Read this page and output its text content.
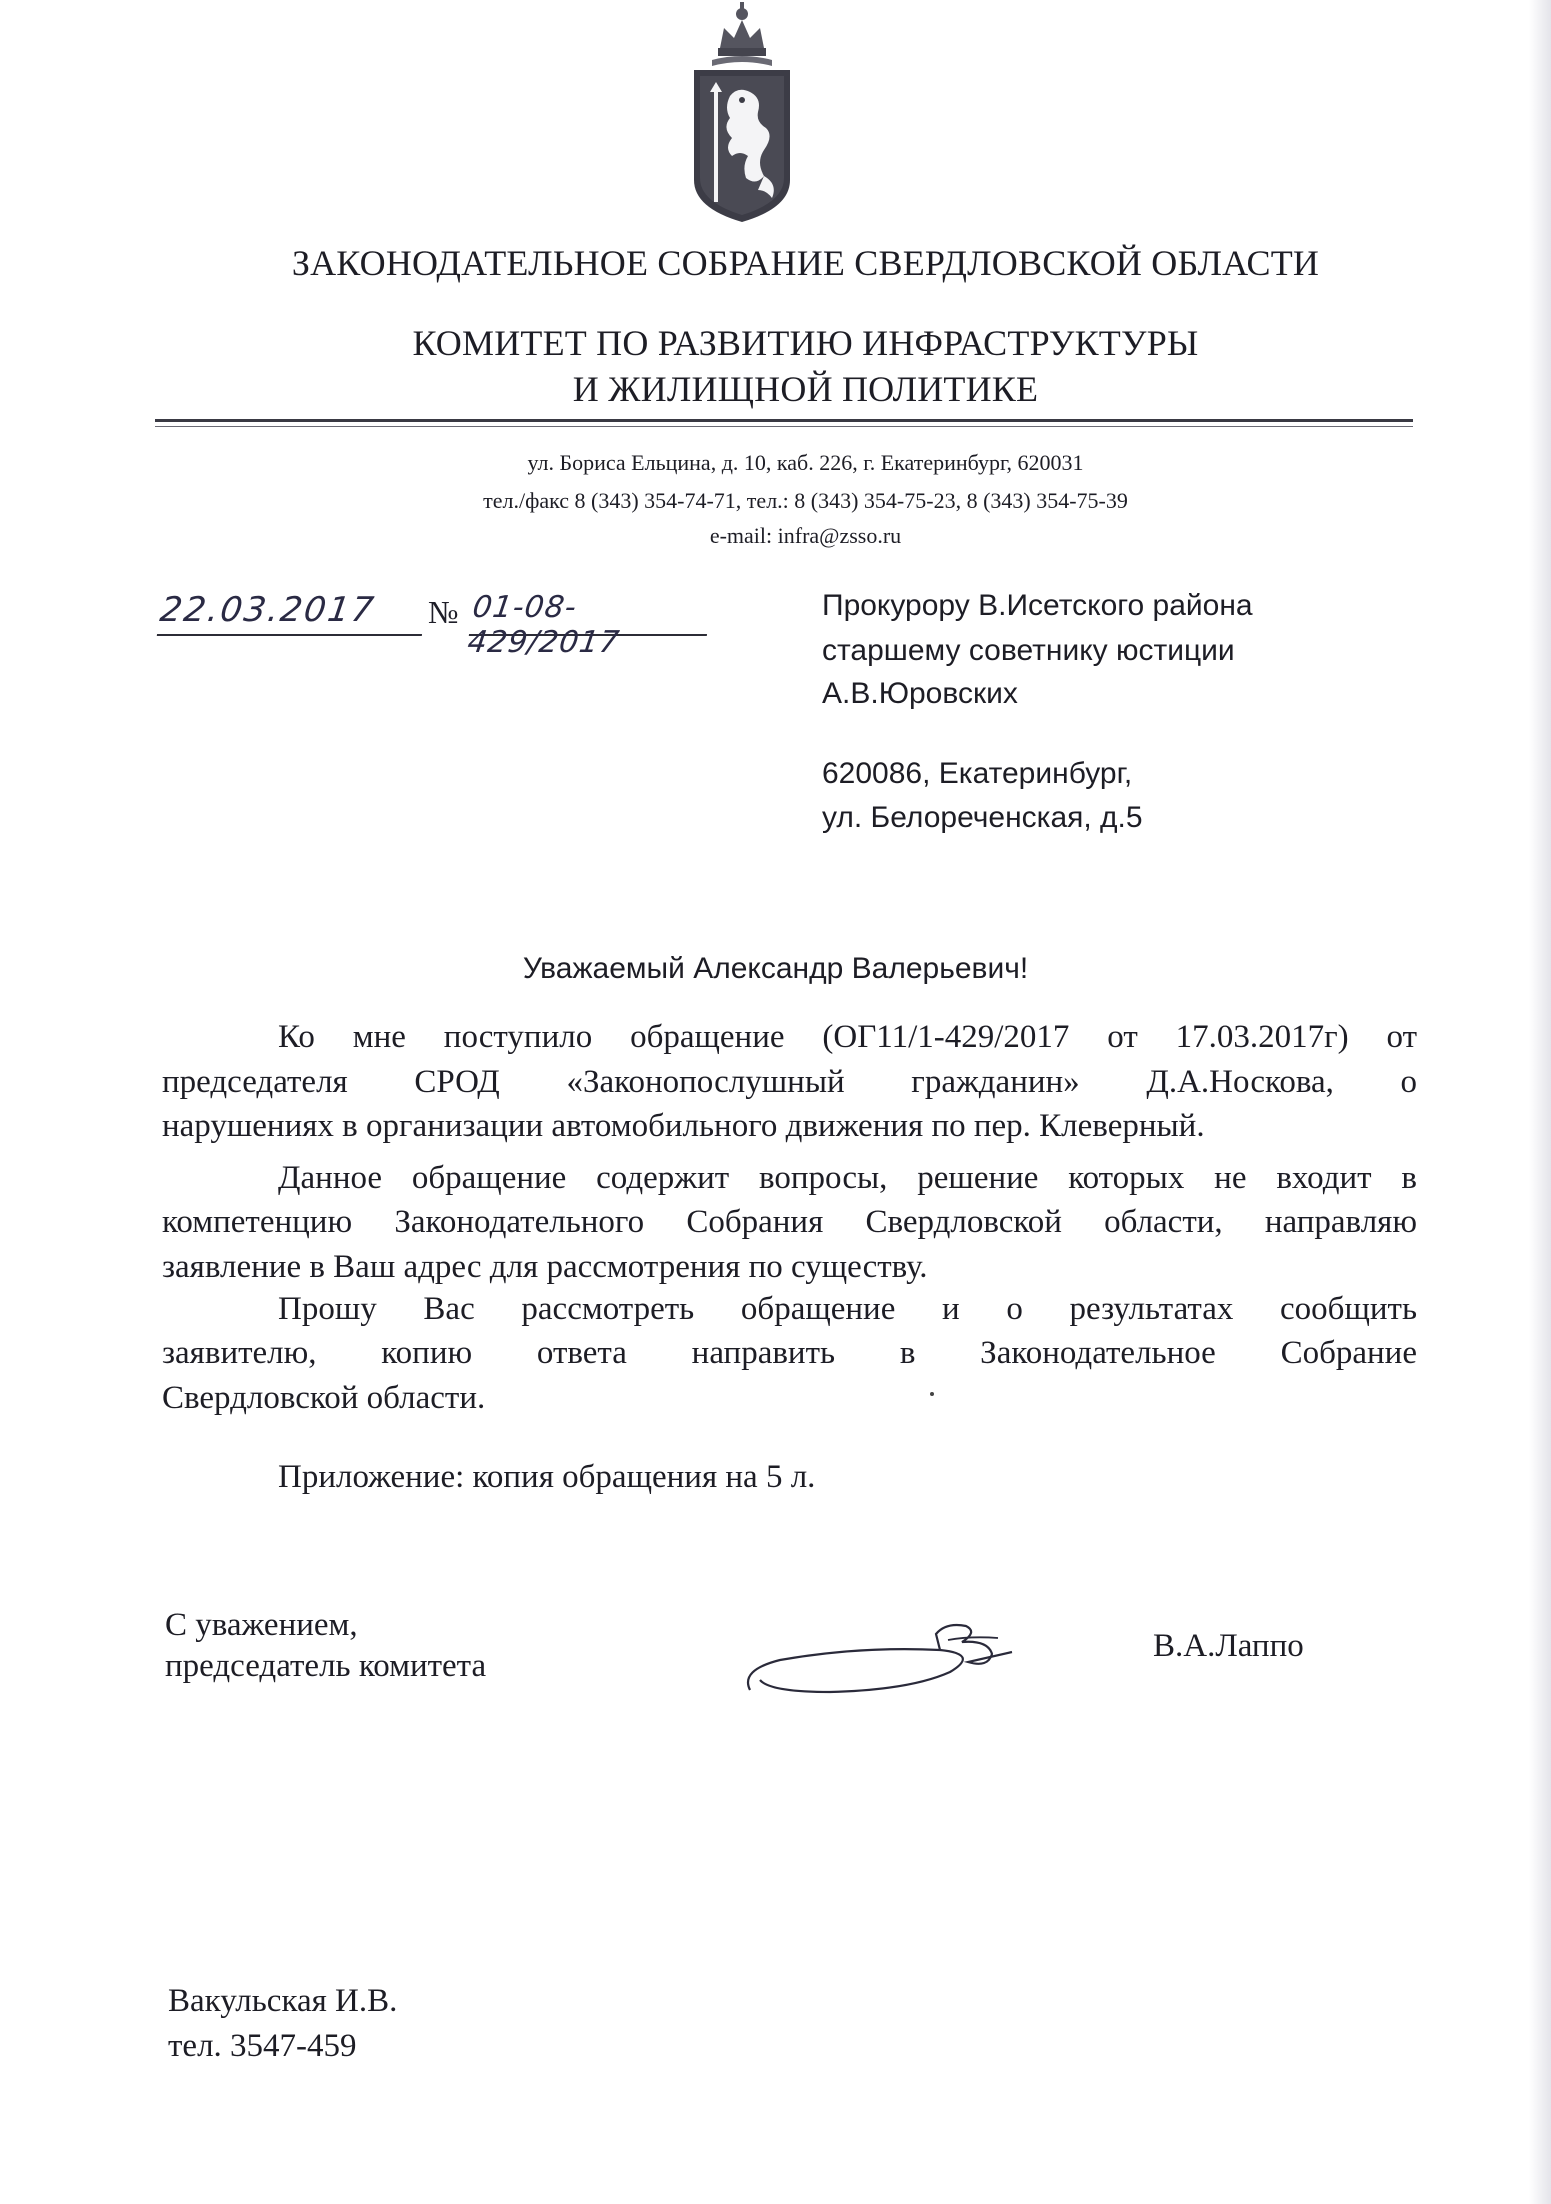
ЗАКОНОДАТЕЛЬНОЕ СОБРАНИЕ СВЕРДЛОВСКОЙ ОБЛАСТИ
КОМИТЕТ ПО РАЗВИТИЮ ИНФРАСТРУКТУРЫ
И ЖИЛИЩНОЙ ПОЛИТИКЕ
ул. Бориса Ельцина, д. 10, каб. 226, г. Екатеринбург, 620031
тел./факс 8 (343) 354-74-71, тел.: 8 (343) 354-75-23, 8 (343) 354-75-39
e-mail: infra@zsso.ru
22.03.2017	№ 01-08-429/2017
Прокурору В.Исетского района
старшему советнику юстиции
А.В.Юровских
620086, Екатеринбург,
ул. Белореченская, д.5
Уважаемый Александр Валерьевич!
Ко мне поступило обращение (ОГ11/1-429/2017 от 17.03.2017г) от
председателя СРОД «Законопослушный гражданин» Д.А.Носкова, о
нарушениях в организации автомобильного движения по пер. Клеверный.
Данное обращение содержит вопросы, решение которых не входит в
компетенцию Законодательного Собрания Свердловской области, направляю
заявление в Ваш адрес для рассмотрения по существу.
Прошу Вас рассмотреть обращение и о результатах сообщить
заявителю, копию ответа направить в Законодательное Собрание
Свердловской области.
Приложение: копия обращения на 5 л.
С уважением,
председатель комитета
В.А.Лаппо
Вакульская И.В.
тел. 3547-459
